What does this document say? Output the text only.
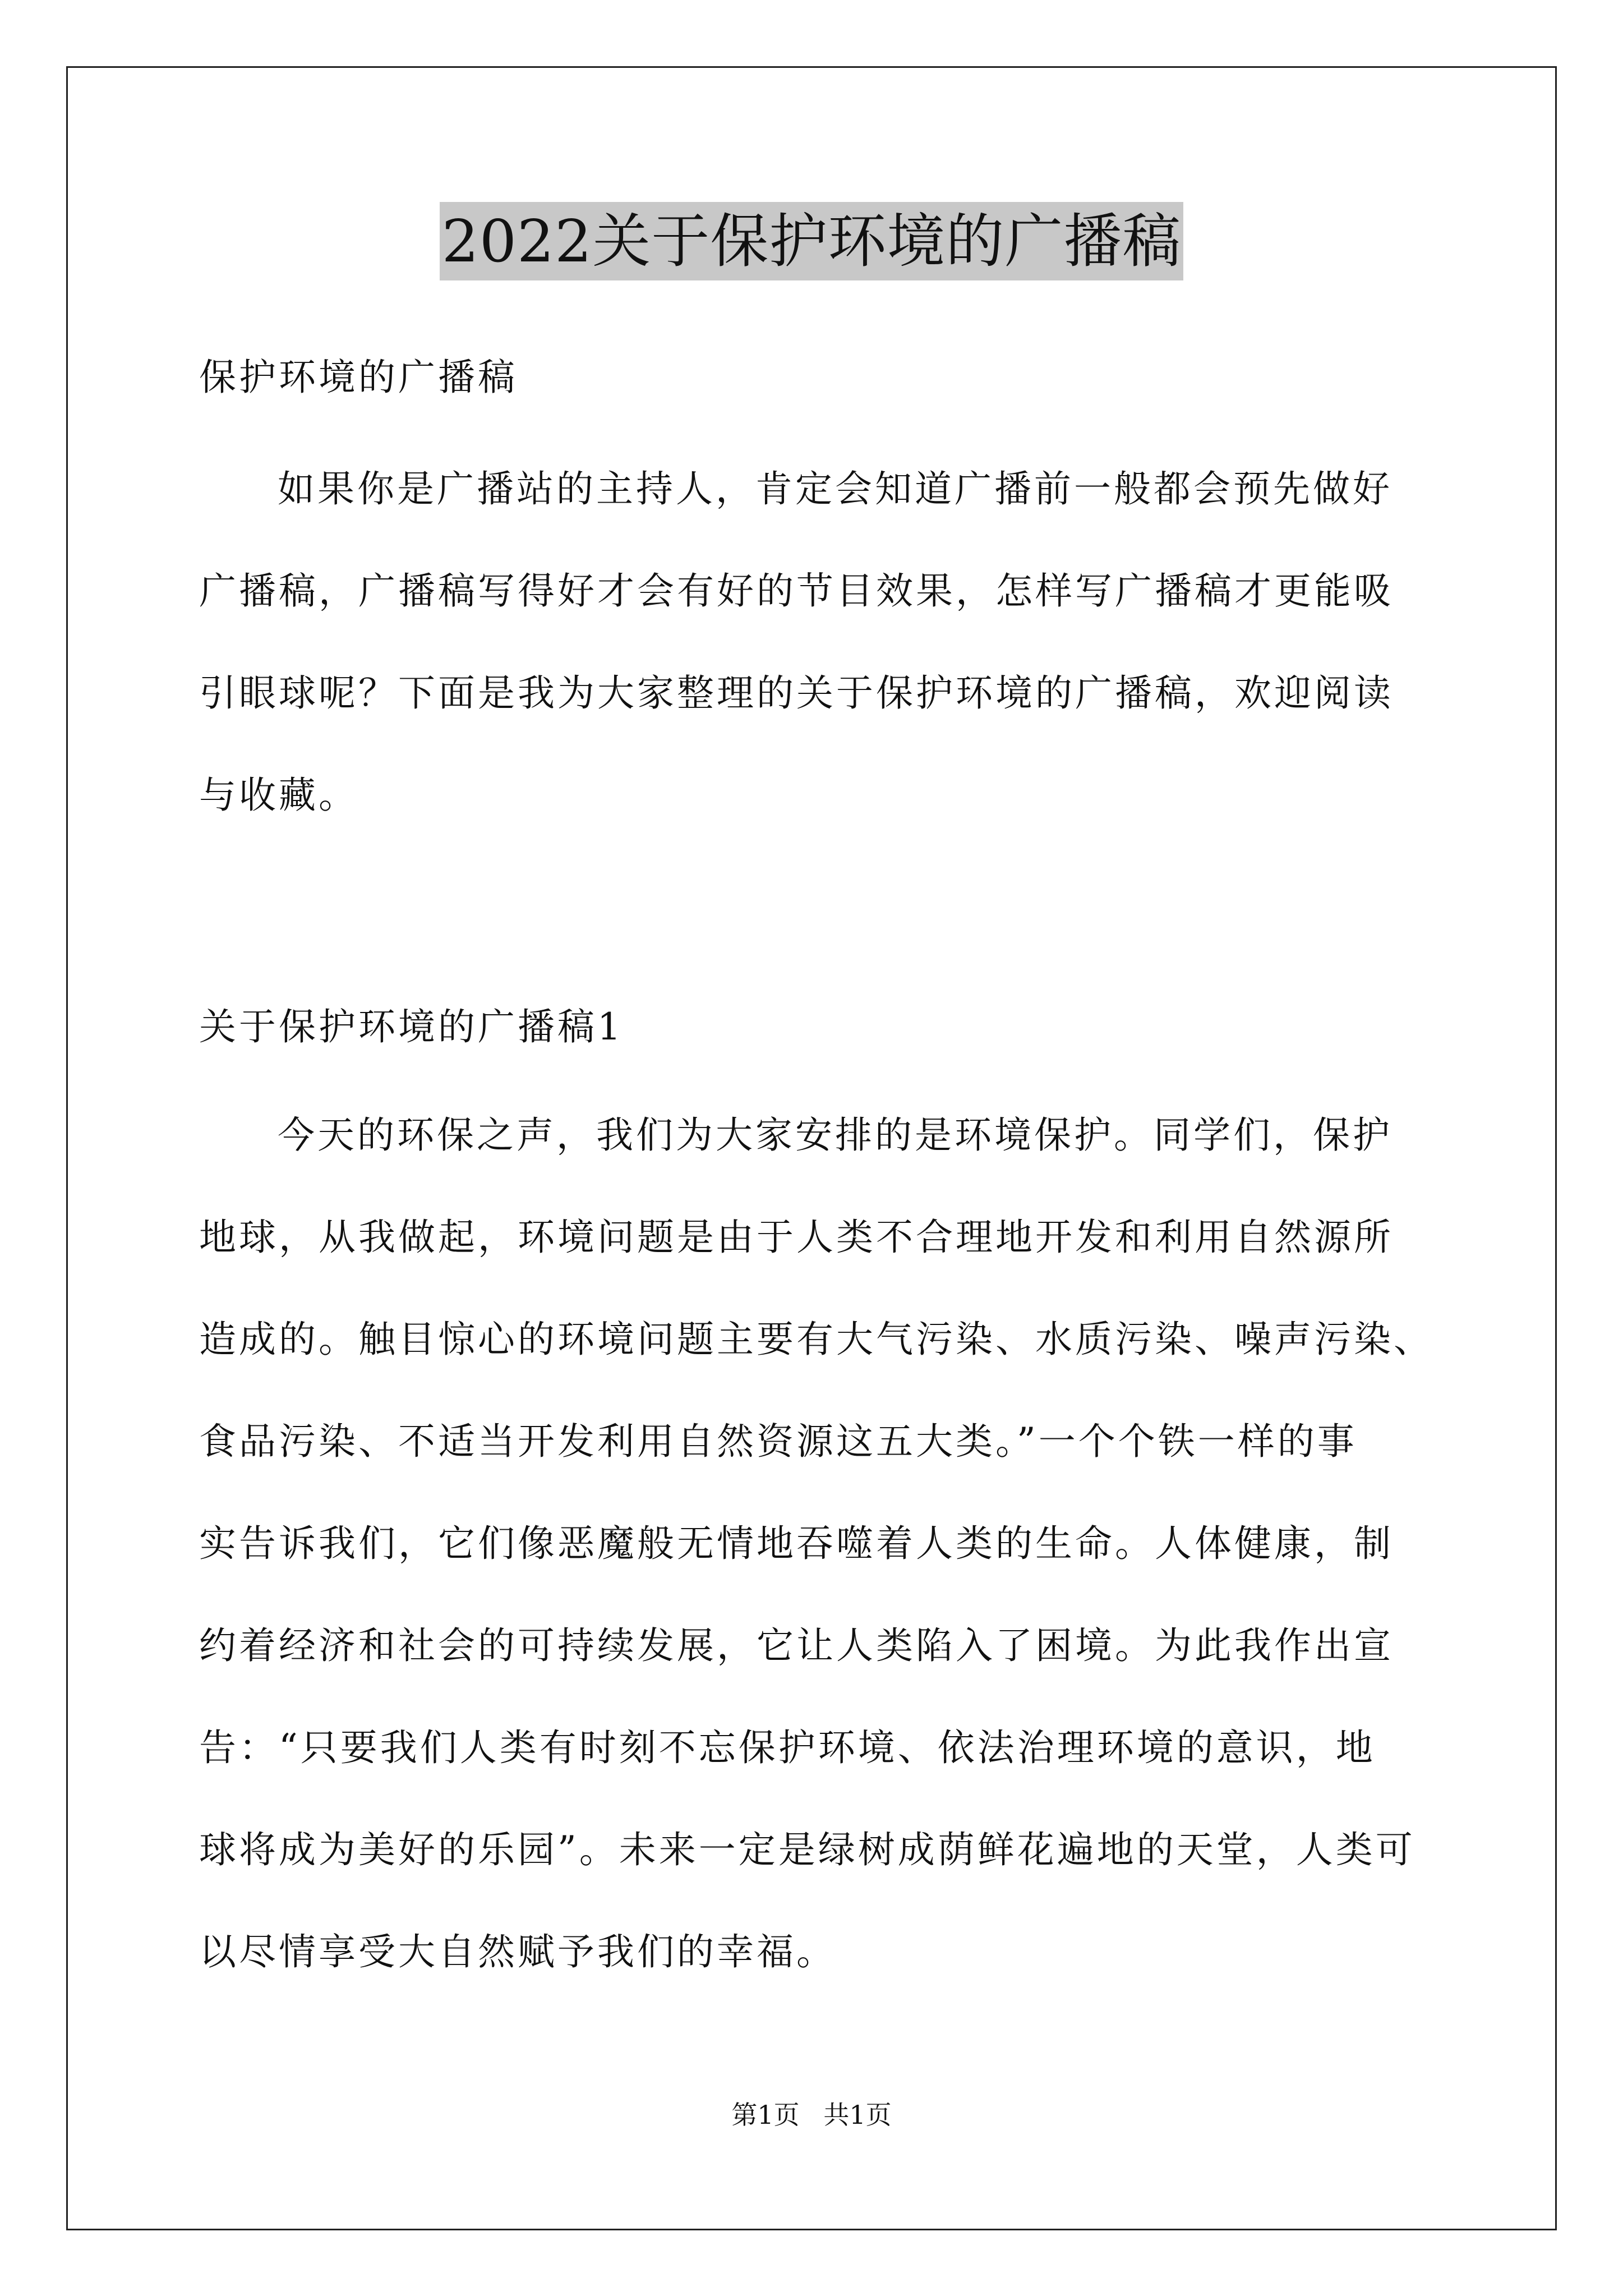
2022关于保护环境的广播稿
保护环境的广播稿
如果你是广播站的主持人，肯定会知道广播前一般都会预先做好
广播稿，广播稿写得好才会有好的节目效果，怎样写广播稿才更能吸
引眼球呢？下面是我为大家整理的关于保护环境的广播稿，欢迎阅读
与收藏。
关于保护环境的广播稿1
今天的环保之声，我们为大家安排的是环境保护。同学们，保护
地球，从我做起，环境问题是由于人类不合理地开发和利用自然源所
造成的。触目惊心的环境问题主要有大气污染、水质污染、噪声污染、
食品污染、不适当开发利用自然资源这五大类。”一个个铁一样的事
实告诉我们，它们像恶魔般无情地吞噬着人类的生命。人体健康，制
约着经济和社会的可持续发展，它让人类陷入了困境。为此我作出宣
告：“只要我们人类有时刻不忘保护环境、依法治理环境的意识，地
球将成为美好的乐园”。未来一定是绿树成荫鲜花遍地的天堂，人类可
以尽情享受大自然赋予我们的幸福。
第1页 共1页
